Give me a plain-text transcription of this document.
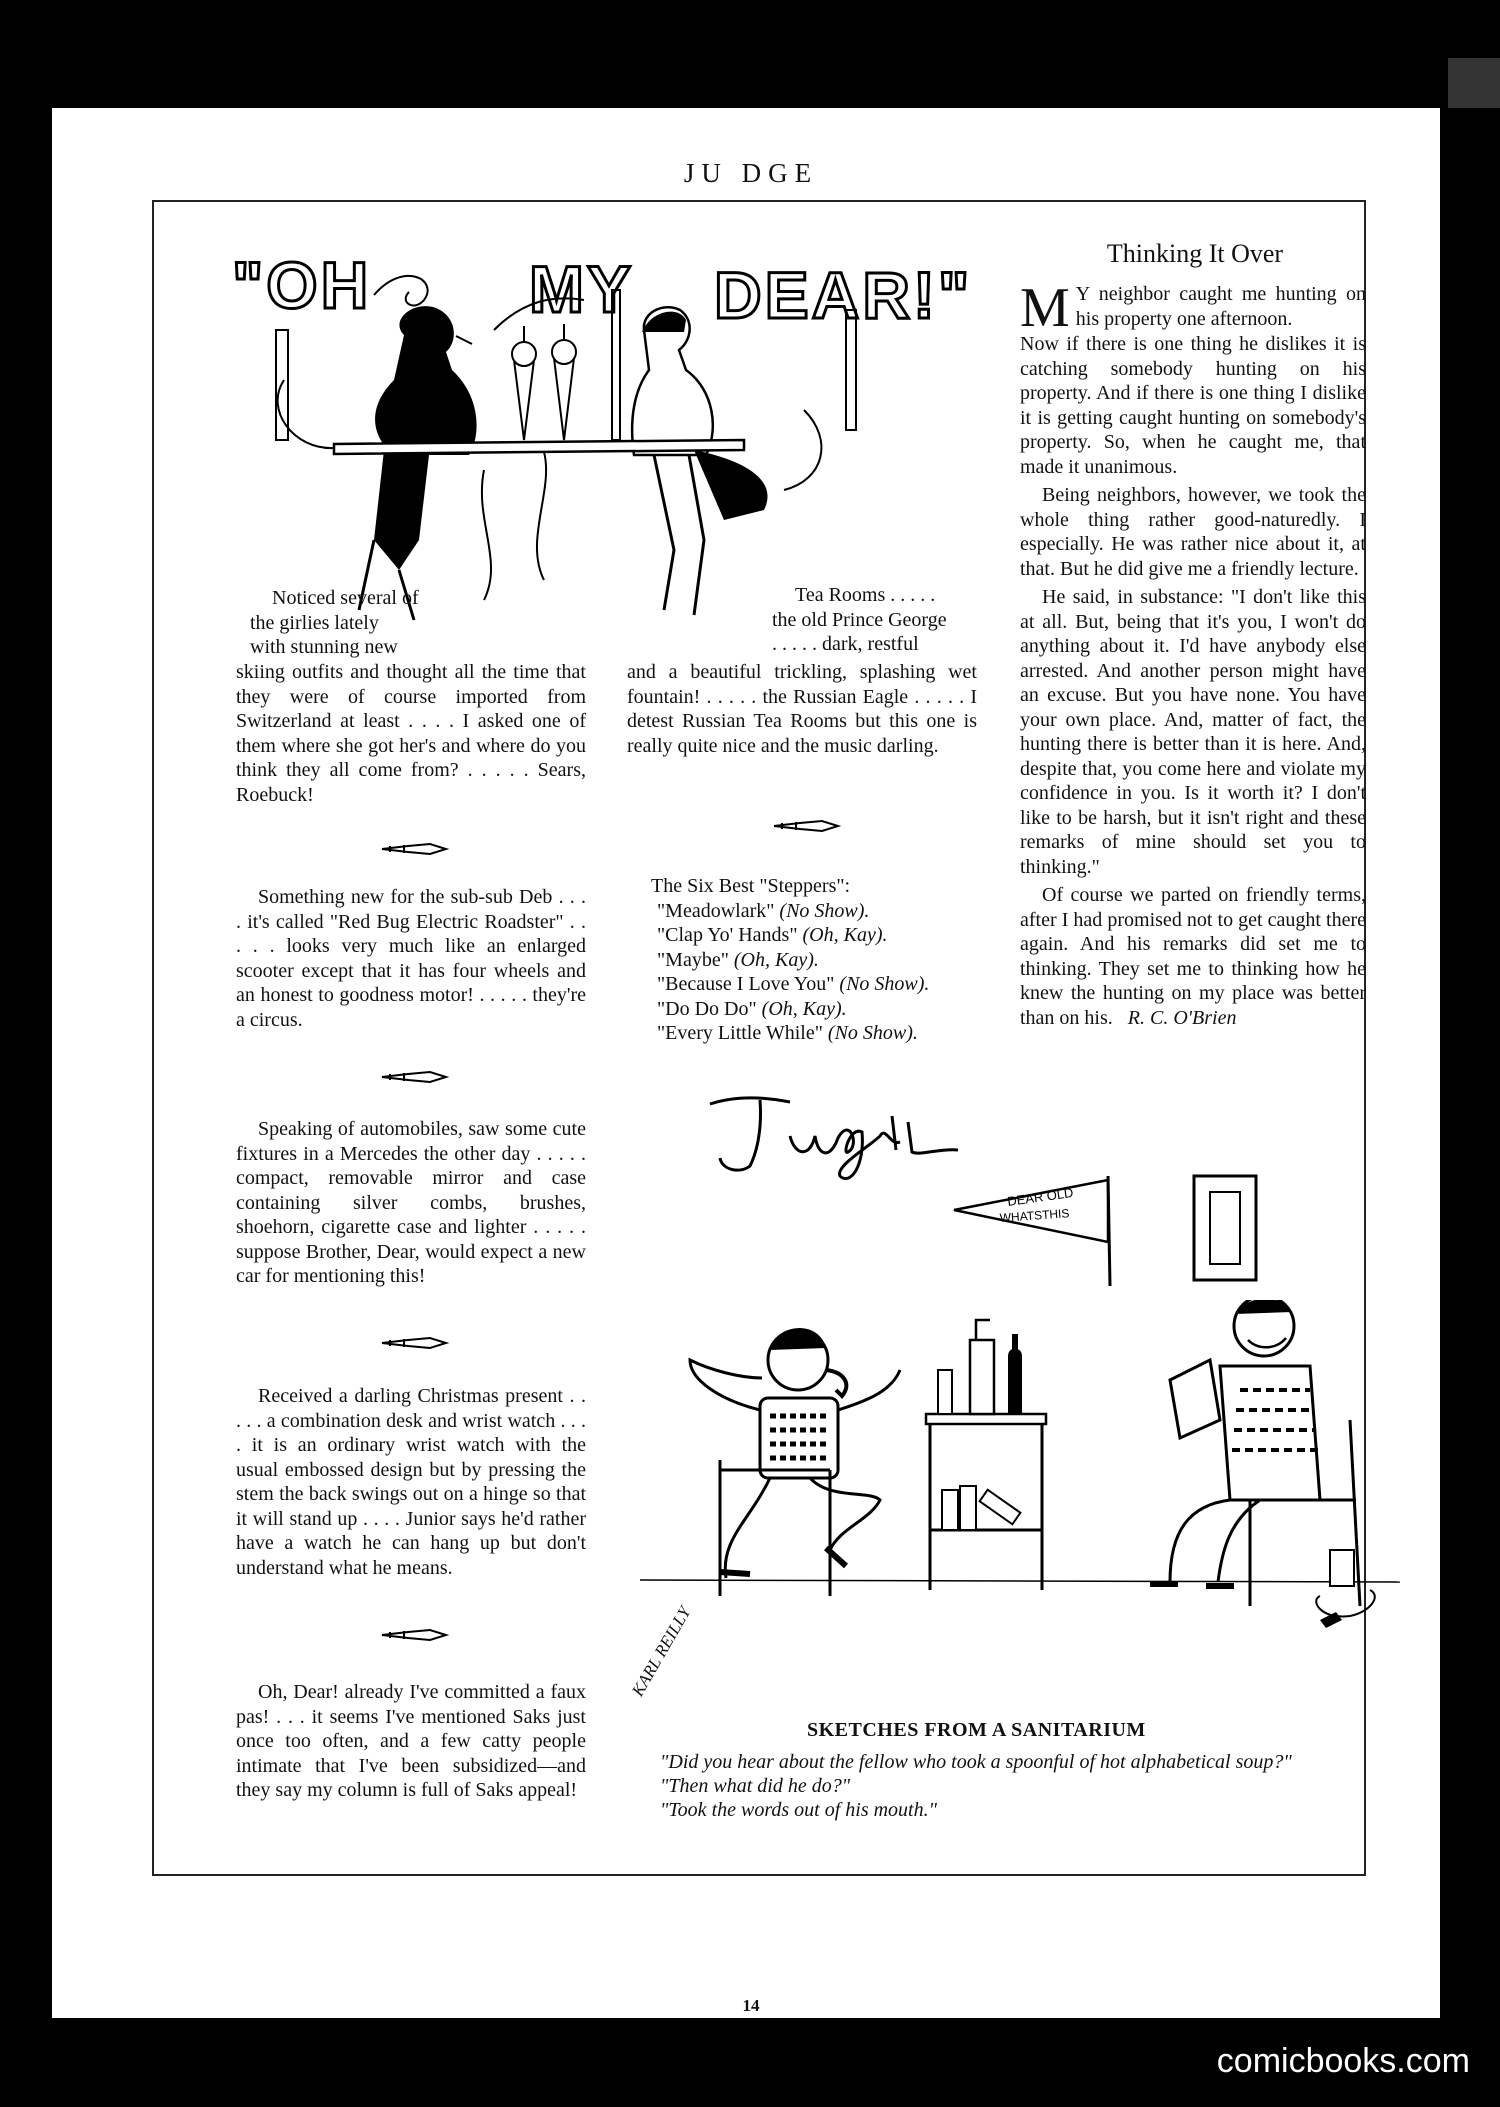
JU DGE
14
"OH MY DEAR!"

Noticed several of

the girlies lately

with stunning new

skiing outfits and thought all the time that they were of course imported from Switzerland at least . . . . I asked one of them where she got her's and where do you think they all come from? . . . . . Sears, Roebuck!
Something new for the sub-sub Deb . . . . it's called "Red Bug Electric Roadster" . . . . . looks very much like an enlarged scooter except that it has four wheels and an honest to goodness motor! . . . . . they're a circus.
Speaking of automobiles, saw some cute fixtures in a Mercedes the other day . . . . . compact, removable mirror and case containing silver combs, brushes, shoehorn, cigarette case and lighter . . . . . suppose Brother, Dear, would expect a new car for mentioning this!
Received a darling Christmas present . . . . . a combination desk and wrist watch . . . . it is an ordinary wrist watch with the usual embossed design but by pressing the stem the back swings out on a hinge so that it will stand up . . . . Junior says he'd rather have a watch he can hang up but don't understand what he means.
Oh, Dear! already I've committed a faux pas! . . . it seems I've mentioned Saks just once too often, and a few catty people intimate that I've been subsidized—and they say my column is full of Saks appeal!

Tea Rooms . . . . .

the old Prince George

. . . . . dark, restful

and a beautiful trickling, splashing wet fountain! . . . . . the Russian Eagle . . . . . I detest Russian Tea Rooms but this one is really quite nice and the music darling.

The Six Best "Steppers":

"Meadowlark" (No Show).

"Clap Yo' Hands" (Oh, Kay).

"Maybe" (Oh, Kay).

"Because I Love You" (No Show).

"Do Do Do" (Oh, Kay).

"Every Little While" (No Show).

Thinking It Over
M Y neighbor caught me hunting on his property one afternoon.

Now if there is one thing he dislikes it is catching somebody hunting on his property. And if there is one thing I dislike it is getting caught hunting on somebody's property. So, when he caught me, that made it unanimous.

Being neighbors, however, we took the whole thing rather good-naturedly. I especially. He was rather nice about it, at that. But he did give me a friendly lecture.

He said, in substance: "I don't like this at all. But, being that it's you, I won't do anything about it. I'd have anybody else arrested. And another person might have an excuse. But you have none. You have your own place. And, matter of fact, the hunting there is better than it is here. And, despite that, you come here and violate my confidence in you. Is it worth it? I don't like to be harsh, but it isn't right and these remarks of mine should set you to thinking."

Of course we parted on friendly terms, after I had promised not to get caught there again. And his remarks did set me to thinking. They set me to thinking how he knew the hunting on my place was better than on his. R. C. O'Brien

DEAR OLD
WHATSTHIS
KARL REILLY
SKETCHES FROM A SANITARIUM

"Did you hear about the fellow who took a spoonful of hot alphabetical soup?"

"Then what did he do?"

"Took the words out of his mouth."

comicbooks.com
